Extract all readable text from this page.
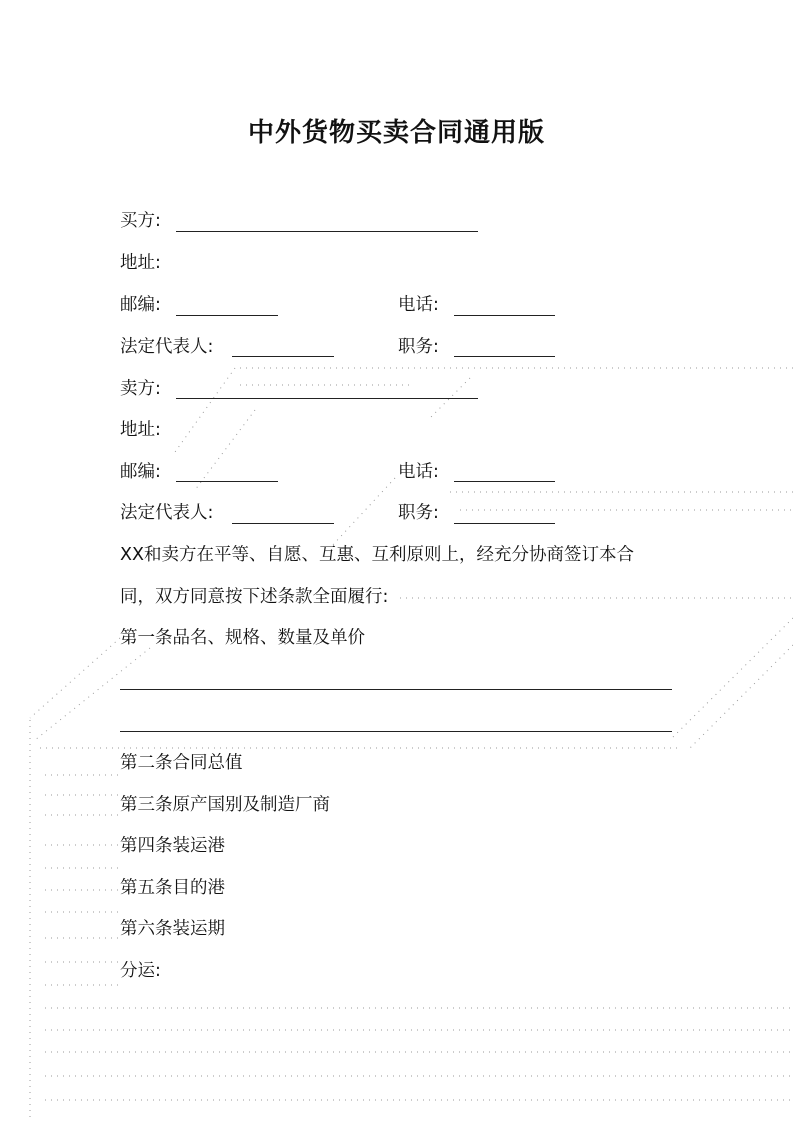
中外货物买卖合同通用版
买方:
地址:
邮编:	电话:
法定代表人:	职务:
卖方:
地址:
邮编:	电话:
法定代表人:	职务:
XX和卖方在平等、自愿、互惠、互利原则上，经充分协商签订本合
同，双方同意按下述条款全面履行:
第一条品名、规格、数量及单价
第二条合同总值
第三条原产国别及制造厂商
第四条装运港
第五条目的港
第六条装运期
分运:
